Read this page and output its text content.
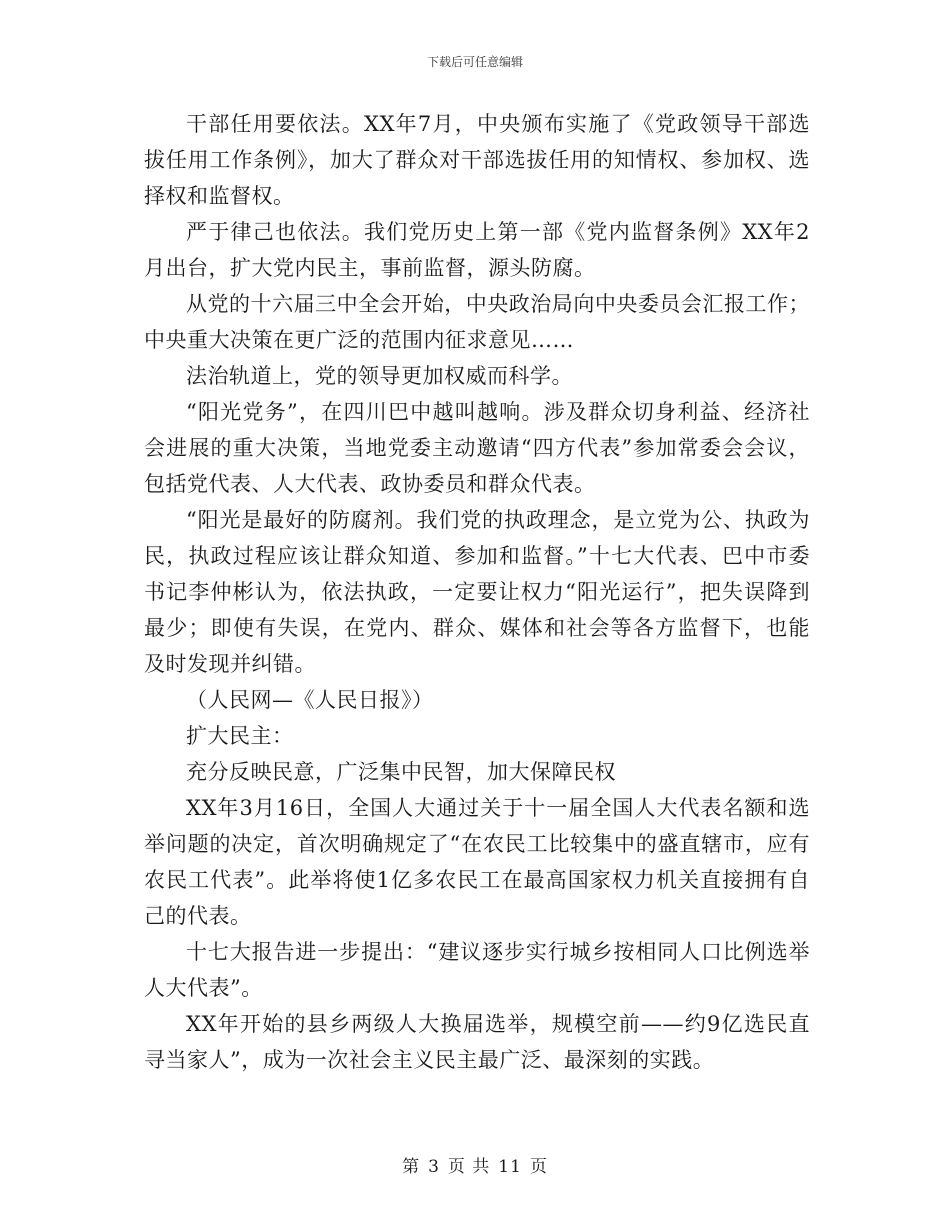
下载后可任意编辑

干部任用要依法。XX年7月，中央颁布实施了《党政领导干部选拔任用工作条例》，加大了群众对干部选拔任用的知情权、参加权、选择权和监督权。

严于律己也依法。我们党历史上第一部《党内监督条例》XX年2月出台，扩大党内民主，事前监督，源头防腐。

从党的十六届三中全会开始，中央政治局向中央委员会汇报工作；中央重大决策在更广泛的范围内征求意见……

法治轨道上，党的领导更加权威而科学。

“阳光党务”，在四川巴中越叫越响。涉及群众切身利益、经济社会进展的重大决策，当地党委主动邀请“四方代表”参加常委会会议，包括党代表、人大代表、政协委员和群众代表。

“阳光是最好的防腐剂。我们党的执政理念，是立党为公、执政为民，执政过程应该让群众知道、参加和监督。”十七大代表、巴中市委书记李仲彬认为，依法执政，一定要让权力“阳光运行”，把失误降到最少；即使有失误，在党内、群众、媒体和社会等各方监督下，也能及时发现并纠错。

（人民网—《人民日报》）

扩大民主：

充分反映民意，广泛集中民智，加大保障民权

XX年3月16日，全国人大通过关于十一届全国人大代表名额和选举问题的决定，首次明确规定了“在农民工比较集中的盛直辖市，应有农民工代表”。此举将使1亿多农民工在最高国家权力机关直接拥有自己的代表。

十七大报告进一步提出：“建议逐步实行城乡按相同人口比例选举人大代表”。

XX年开始的县乡两级人大换届选举，规模空前——约9亿选民直寻当家人”，成为一次社会主义民主最广泛、最深刻的实践。

第 3 页 共 11 页
